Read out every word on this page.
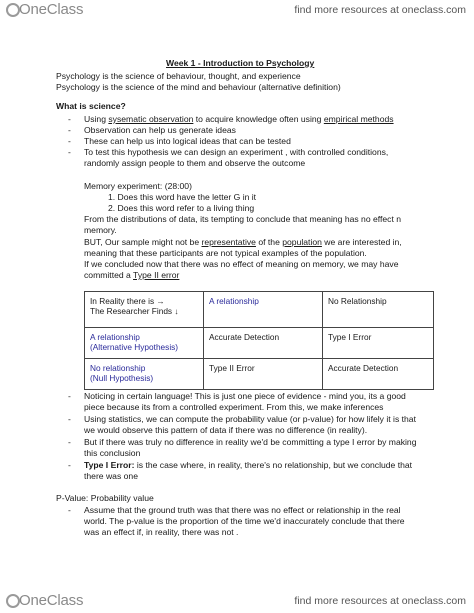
OneClass	find more resources at oneclass.com
Week 1 - Introduction to Psychology
Psychology is the science of behaviour, thought, and experience
Psychology is the science of the mind and behaviour (alternative definition)
What is science?
- Using sysematic observation to acquire knowledge often using empirical methods
- Observation can help us generate ideas
- These can help us into logical ideas that can be tested
- To test this hypothesis we can design an experiment , with controlled conditions,
randomly assign people to them and observe the outcome
Memory experiment: (28:00)
1. Does this word have the letter G in it
2. Does this word refer to a living thing
From the distributions of data, its tempting to conclude that meaning has no effect n
memory.
BUT, Our sample might not be representative of the population we are interested in,
meaning that these participants are not typical examples of the population.
If we concluded now that there was no effect of meaning on memory, we may have
committed a Type II error
In Reality there is →
The Researcher Finds ↓	A relationship	No Relationship
A relationship
(Alternative Hypothesis)	Accurate Detection	Type I Error
No relationship
(Null Hypothesis)	Type II Error	Accurate Detection
- Noticing in certain language! This is just one piece of evidence - mind you, its a good
piece because its from a controlled experiment. From this, we make inferences
- Using statistics, we can compute the probability value (or p-value) for how lifely it is that
we would observe this pattern of data if there was no difference (in reality).
- But if there was truly no difference in reality we'd be committing a type I error by making
this conclusion
- Type I Error: is the case where, in reality, there's no relationship, but we conclude that
there was one
P-Value: Probability value
- Assume that the ground truth was that there was no effect or relationship in the real
world. The p-value is the proportion of the time we'd inaccurately conclude that there
was an effect if, in reality, there was not .
OneClass	find more resources at oneclass.com
